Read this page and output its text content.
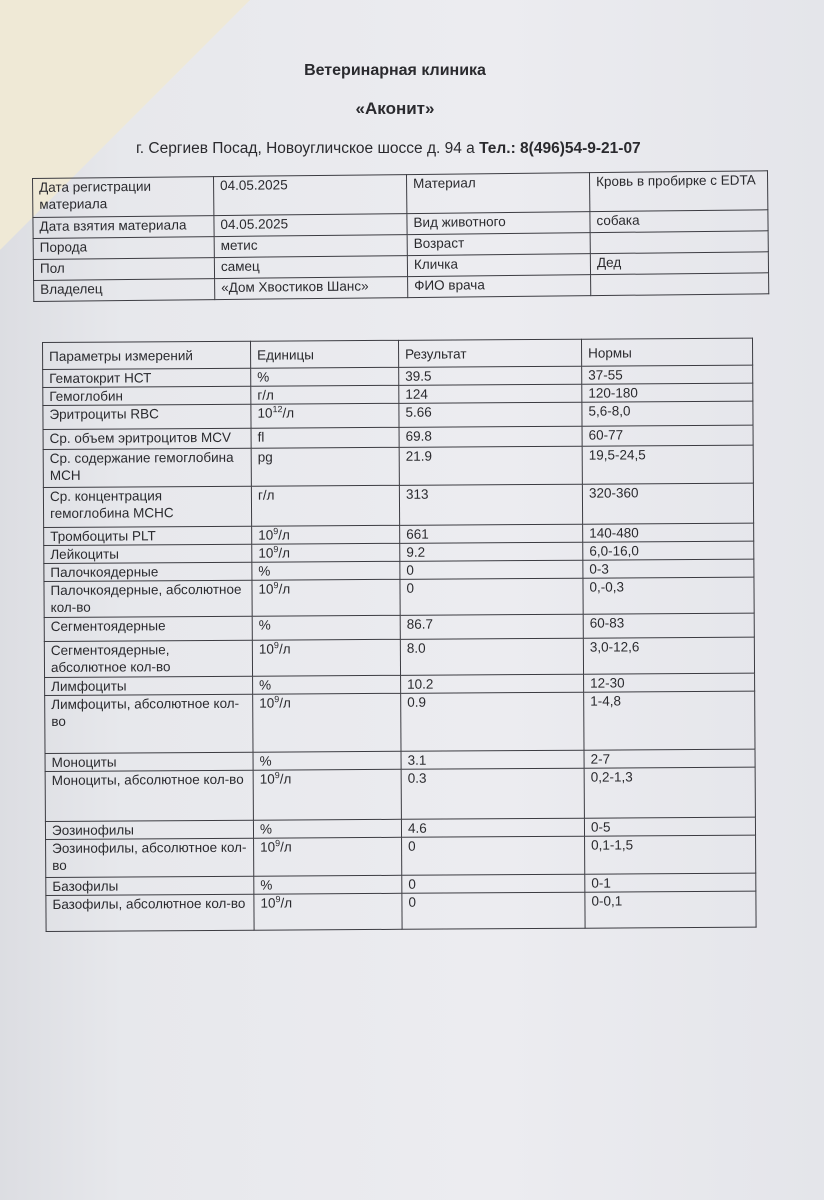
Ветеринарная клиника
«Аконит»
г. Сергиев Посад, Новоугличское шоссе д. 94 а Тел.: 8(496)54-9-21-07
Дата регистрации материала	04.05.2025	Материал	Кровь в пробирке с EDTA
Дата взятия материала	04.05.2025	Вид животного	собака
Порода	метис	Возраст	
Пол	самец	Кличка	Дед
Владелец	«Дом Хвостиков Шанс»	ФИО врача	
Параметры измерений	Единицы	Результат	Нормы
Гематокрит НСТ	%	39.5	37-55
Гемоглобин	г/л	124	120-180
Эритроциты RBC	$10^{12}/л$	5.66	5,6-8,0
Ср. объем эритроцитов MCV	fl	69.8	60-77
Ср. содержание гемоглобина МСН	pg	21.9	19,5-24,5
Ср. концентрация гемоглобина МСНС	г/л	313	320-360
Тромбоциты PLT	$10^9/л$	661	140-480
Лейкоциты	$10^9/л$	9.2	6,0-16,0
Палочкоядерные	%	0	0-3
Палочкоядерные, абсолютное кол-во	$10^9/л$	0	0,-0,3
Сегментоядерные	%	86.7	60-83
Сегментоядерные, абсолютное кол-во	$10^9/л$	8.0	3,0-12,6
Лимфоциты	%	10.2	12-30
Лимфоциты, абсолютное кол-во	$10^9/л$	0.9	1-4,8
Моноциты	%	3.1	2-7
Моноциты, абсолютное кол-во	$10^9/л$	0.3	0,2-1,3
Эозинофилы	%	4.6	0-5
Эозинофилы, абсолютное кол-во	$10^9/л$	0	0,1-1,5
Базофилы	%	0	0-1
Базофилы, абсолютное кол-во	$10^9/л$	0	0-0,1
